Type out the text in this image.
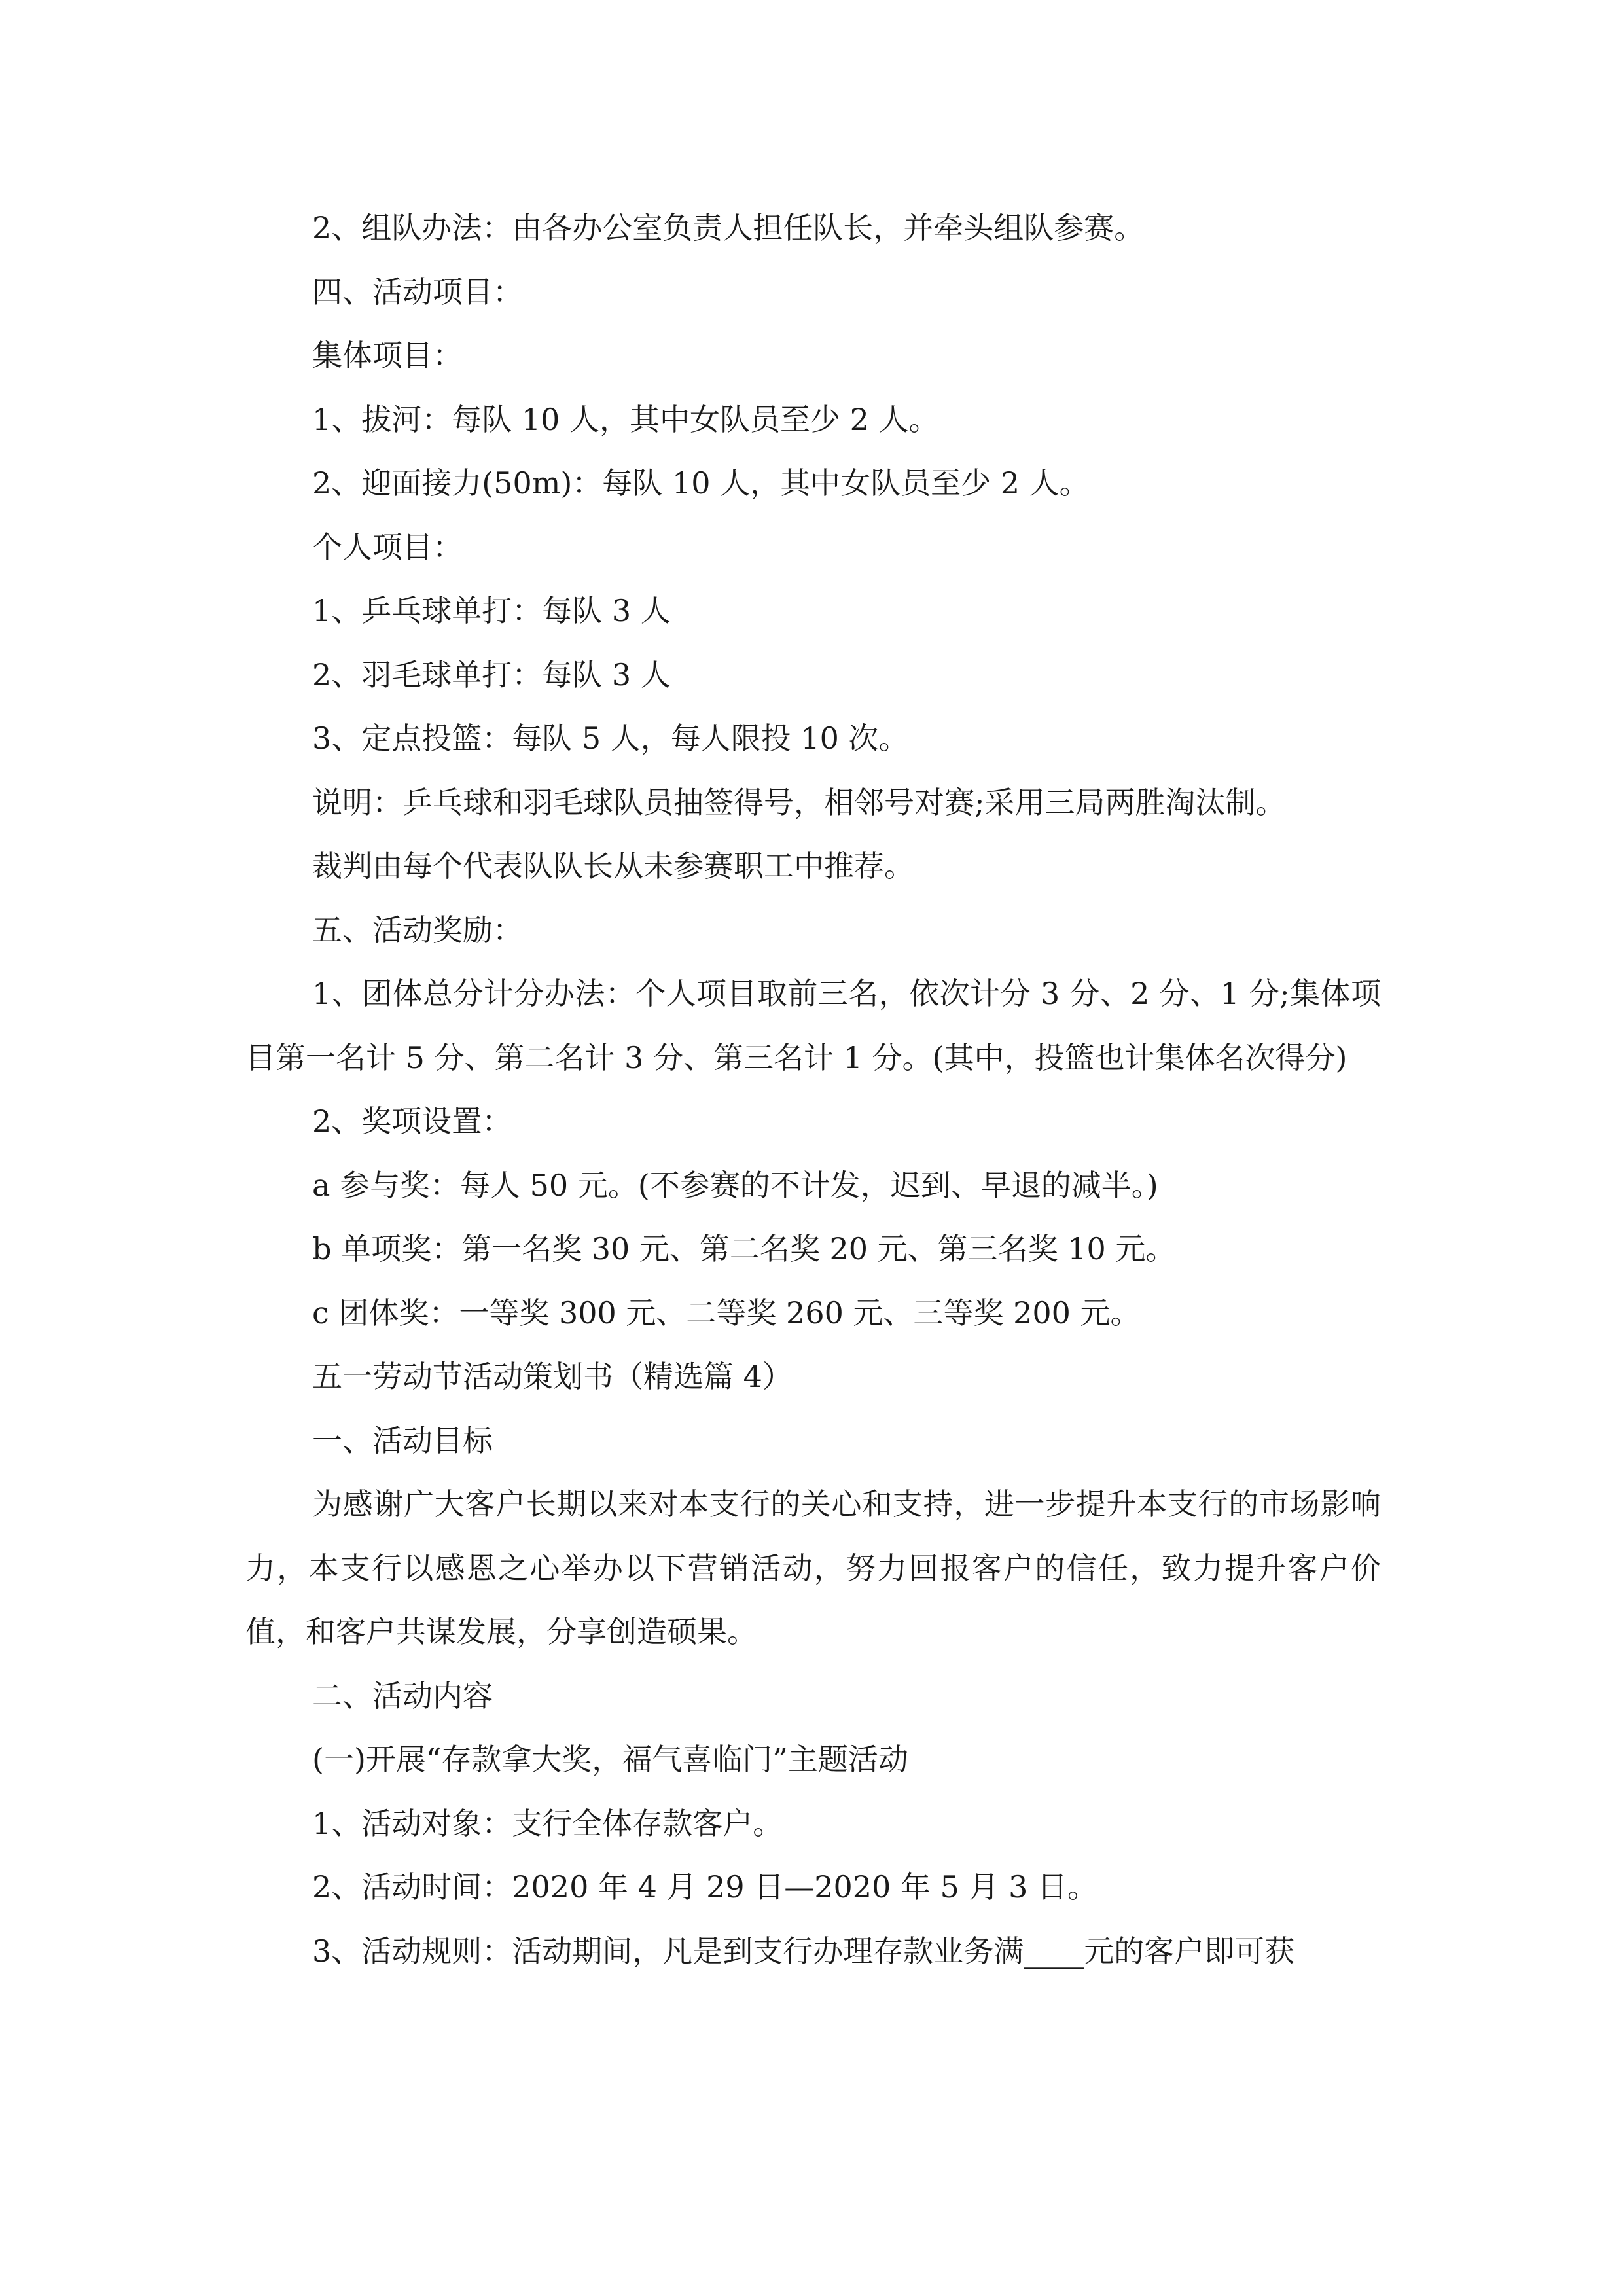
2、组队办法：由各办公室负责人担任队长，并牵头组队参赛。

四、活动项目：

集体项目：

1、拔河：每队 10 人，其中女队员至少 2 人。

2、迎面接力(50m)：每队 10 人，其中女队员至少 2 人。

个人项目：

1、乒乓球单打：每队 3 人

2、羽毛球单打：每队 3 人

3、定点投篮：每队 5 人，每人限投 10 次。

说明：乒乓球和羽毛球队员抽签得号，相邻号对赛;采用三局两胜淘汰制。

裁判由每个代表队队长从未参赛职工中推荐。

五、活动奖励：

1、团体总分计分办法：个人项目取前三名，依次计分 3 分、2 分、1 分;集体项目第一名计 5 分、第二名计 3 分、第三名计 1 分。(其中，投篮也计集体名次得分)

2、奖项设置：

a 参与奖：每人 50 元。(不参赛的不计发，迟到、早退的减半。)

b 单项奖：第一名奖 30 元、第二名奖 20 元、第三名奖 10 元。

c 团体奖：一等奖 300 元、二等奖 260 元、三等奖 200 元。

五一劳动节活动策划书（精选篇 4）

一、活动目标

为感谢广大客户长期以来对本支行的关心和支持，进一步提升本支行的市场影响力，本支行以感恩之心举办以下营销活动，努力回报客户的信任，致力提升客户价值，和客户共谋发展，分享创造硕果。

二、活动内容

(一)开展“存款拿大奖，福气喜临门”主题活动

1、活动对象：支行全体存款客户。

2、活动时间：2020 年 4 月 29 日—2020 年 5 月 3 日。

3、活动规则：活动期间，凡是到支行办理存款业务满____元的客户即可获
